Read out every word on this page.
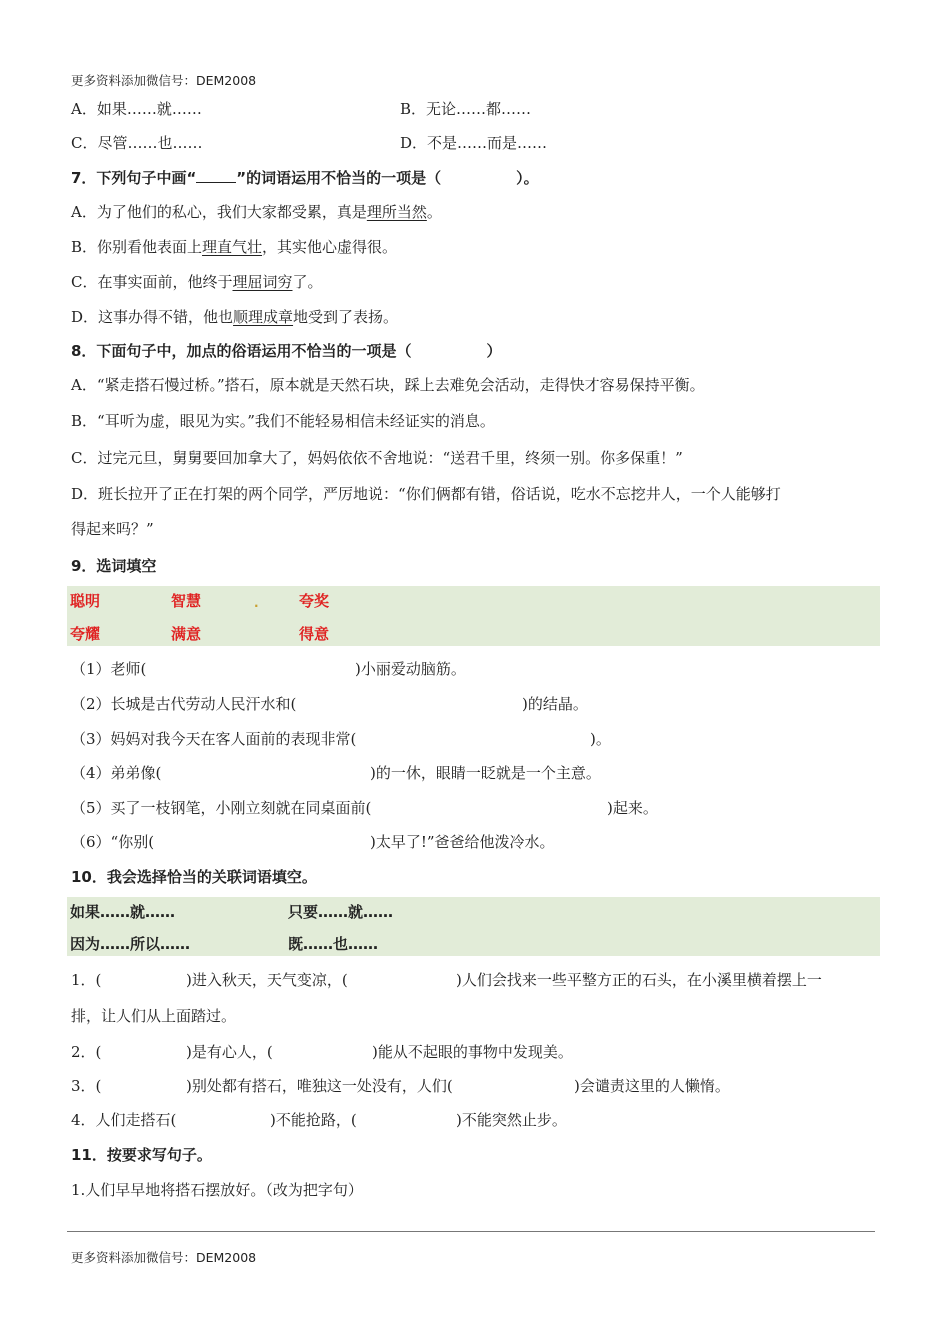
更多资料添加微信号：DEM2008
A．如果……就……	B．无论……都……
C．尽管……也……	D．不是……而是……
7．下列句子中画“	”的词语运用不恰当的一项是（　　　　　）。
A．为了他们的私心，我们大家都受累，真是理所当然。
B．你别看他表面上理直气壮，其实他心虚得很。
C．在事实面前，他终于理屈词穷了。
D．这事办得不错，他也顺理成章地受到了表扬。
8．下面句子中，加点的俗语运用不恰当的一项是（　　　　　）
A．“紧走搭石慢过桥。”搭石，原本就是天然石块，踩上去难免会活动，走得快才容易保持平衡。
B．“耳听为虚，眼见为实。”我们不能轻易相信未经证实的消息。
C．过完元旦，舅舅要回加拿大了，妈妈依依不舍地说：“送君千里，终须一别。你多保重！”
D．班长拉开了正在打架的两个同学，严厉地说：“你们俩都有错，俗话说，吃水不忘挖井人，一个人能够打
得起来吗？”
9．选词填空
聪明	智慧	.	夸奖
夸耀	满意	得意
（1）老师(	)小丽爱动脑筋。
（2）长城是古代劳动人民汗水和(	)的结晶。
（3）妈妈对我今天在客人面前的表现非常(	)。
（4）弟弟像(	)的一休，眼睛一眨就是一个主意。
（5）买了一枝钢笔，小刚立刻就在同桌面前(	)起来。
（6）“你别(	)太早了!”爸爸给他泼冷水。
10．我会选择恰当的关联词语填空。
如果……就……	只要……就……
因为……所以……	既……也……
1．(	)进入秋天，天气变凉，(	)人们会找来一些平整方正的石头，在小溪里横着摆上一
排，让人们从上面踏过。
2．(	)是有心人，(	)能从不起眼的事物中发现美。
3．(	)别处都有搭石，唯独这一处没有，人们(	)会谴责这里的人懒惰。
4．人们走搭石(	)不能抢路，(	)不能突然止步。
11．按要求写句子。
1.人们早早地将搭石摆放好。（改为把字句）
更多资料添加微信号：DEM2008
